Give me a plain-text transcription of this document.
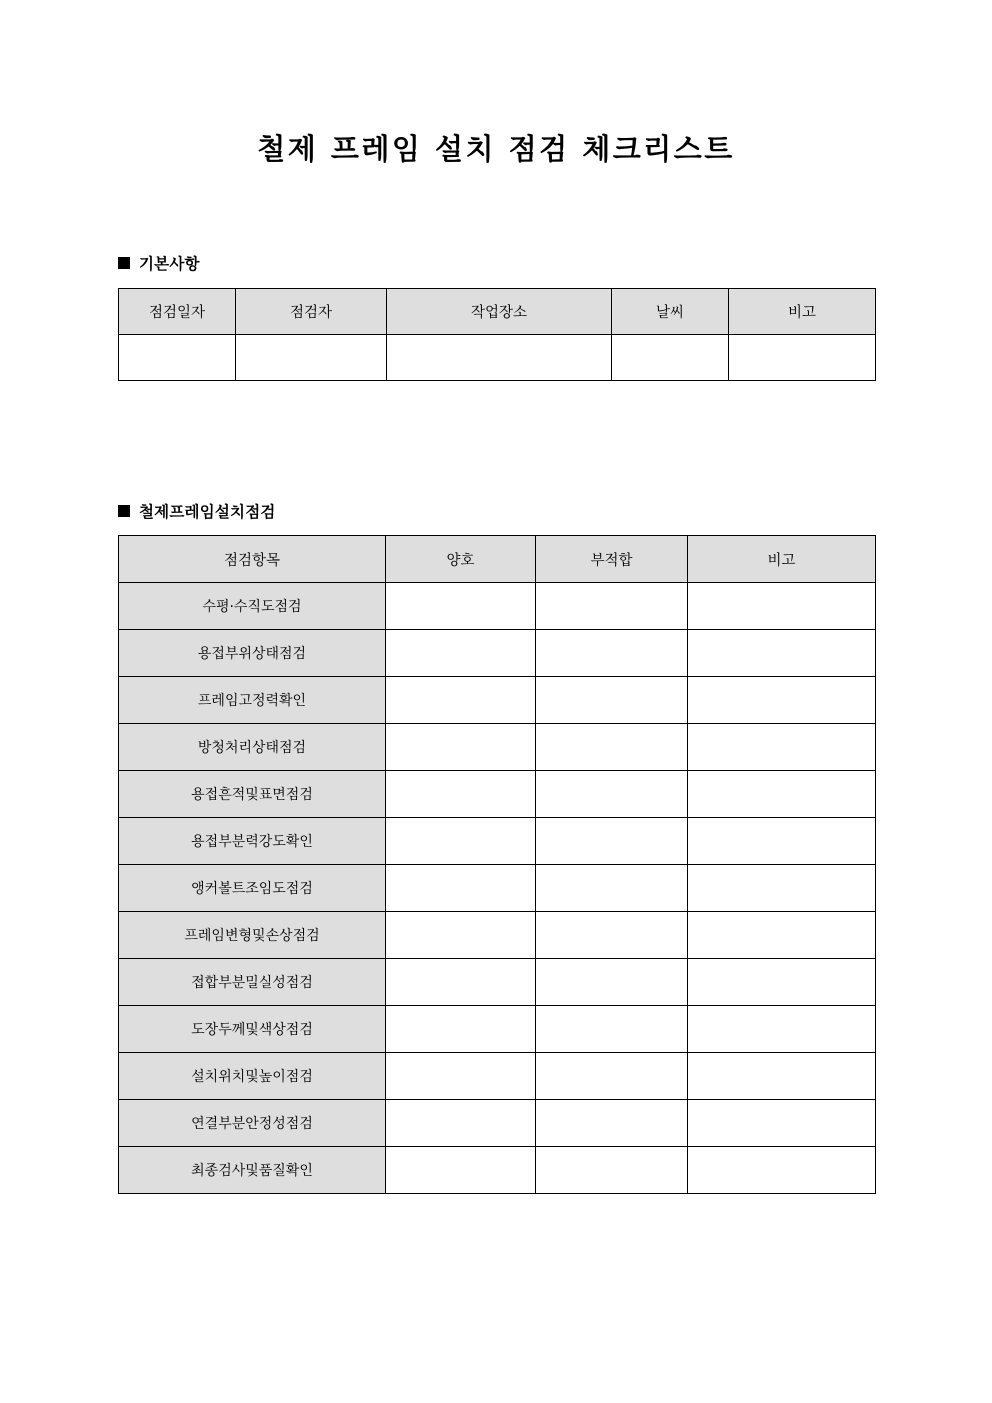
철제 프레임 설치 점검 체크리스트
기본사항
점검일자	점검자	작업장소	날씨	비고

철제프레임설치점검
점검항목	양호	부적합	비고
수평·수직도점검			
용접부위상태점검			
프레임고정력확인			
방청처리상태점검			
용접흔적및표면점검			
용접부분력강도확인			
앵커볼트조임도점검			
프레임변형및손상점검			
접합부분밀실성점검			
도장두께및색상점검			
설치위치및높이점검			
연결부분안정성점검			
최종검사및품질확인			
